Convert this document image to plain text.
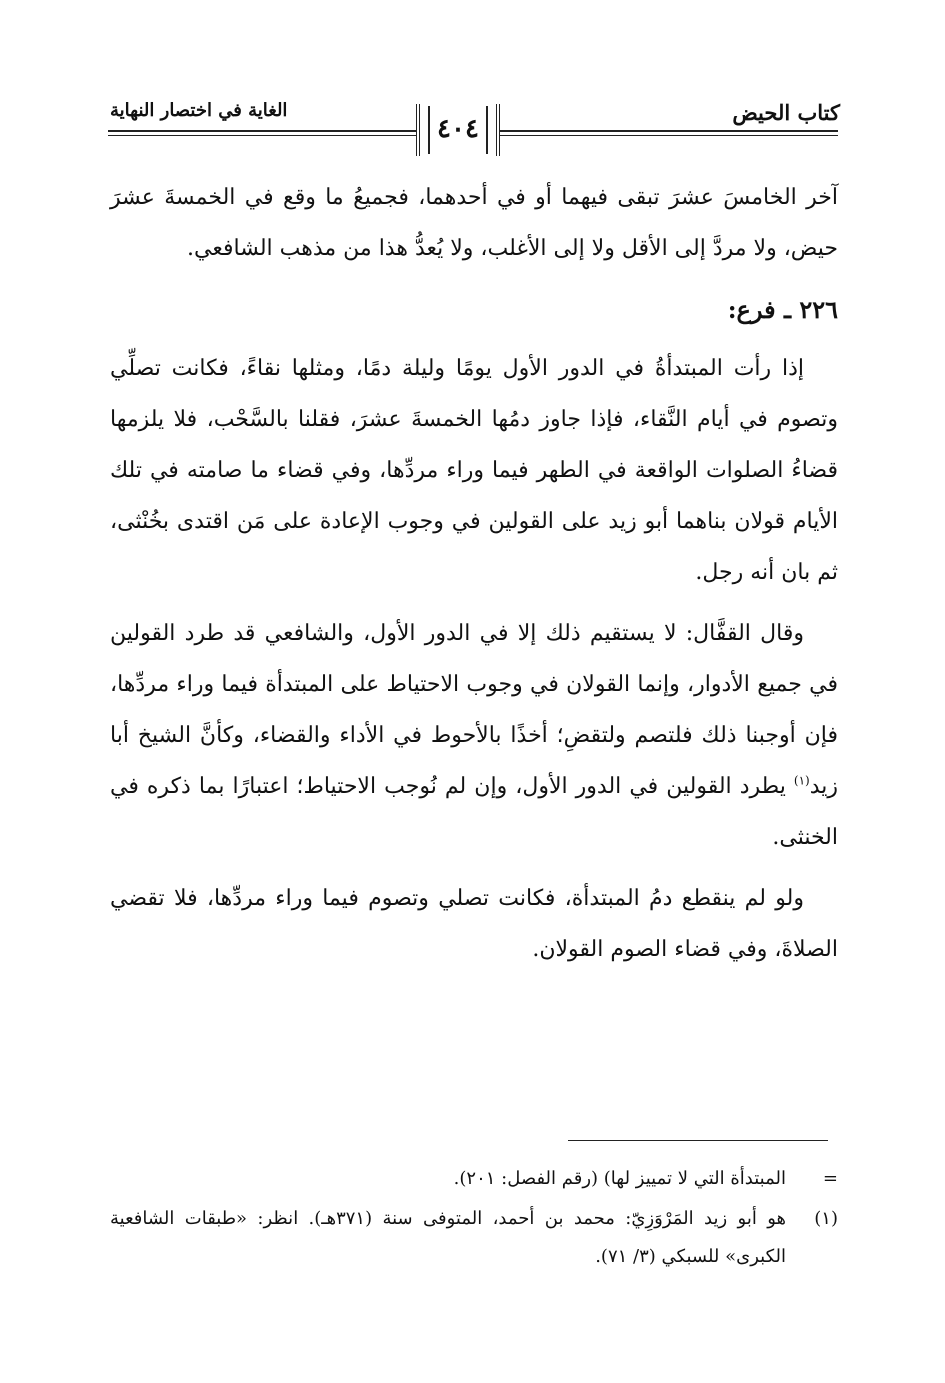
كتاب الحيض
الغاية في اختصار النهاية
٤٠٤

آخر الخامسَ عشرَ تبقى فيهما أو في أحدهما، فجميعُ ما وقع في الخمسةَ عشرَ حيض، ولا مردَّ إلى الأقل ولا إلى الأغلب، ولا يُعدُّ هذا من مذهب الشافعي.

٢٢٦ ـ فرع:

إذا رأت المبتدأةُ في الدور الأول يومًا وليلة دمًا، ومثلها نقاءً، فكانت تصلِّي وتصوم في أيام النَّقاء، فإذا جاوز دمُها الخمسةَ عشرَ، فقلنا بالسَّحْب، فلا يلزمها قضاءُ الصلوات الواقعة في الطهر فيما وراء مردِّها، وفي قضاء ما صامته في تلك الأيام قولان بناهما أبو زيد على القولين في وجوب الإعادة على مَن اقتدى بخُنْثى، ثم بان أنه رجل.

وقال القفَّال: لا يستقيم ذلك إلا في الدور الأول، والشافعي قد طرد القولين في جميع الأدوار، وإنما القولان في وجوب الاحتياط على المبتدأة فيما وراء مردِّها، فإن أوجبنا ذلك فلتصم ولتقضِ؛ أخذًا بالأحوط في الأداء والقضاء، وكأنَّ الشيخ أبا زيد$^{(١)}$ يطرد القولين في الدور الأول، وإن لم نُوجب الاحتياط؛ اعتبارًا بما ذكره في الخنثى.

ولو لم ينقطع دمُ المبتدأة، فكانت تصلي وتصوم فيما وراء مردِّها، فلا تقضي الصلاةَ، وفي قضاء الصوم القولان.

=
المبتدأة التي لا تمييز لها) (رقم الفصل: ٢٠١).
(١)
هو أبو زيد المَرْوَزِيّ: محمد بن أحمد، المتوفى سنة (٣٧١هـ). انظر: «طبقات الشافعية الكبرى» للسبكي (٣/ ٧١).
